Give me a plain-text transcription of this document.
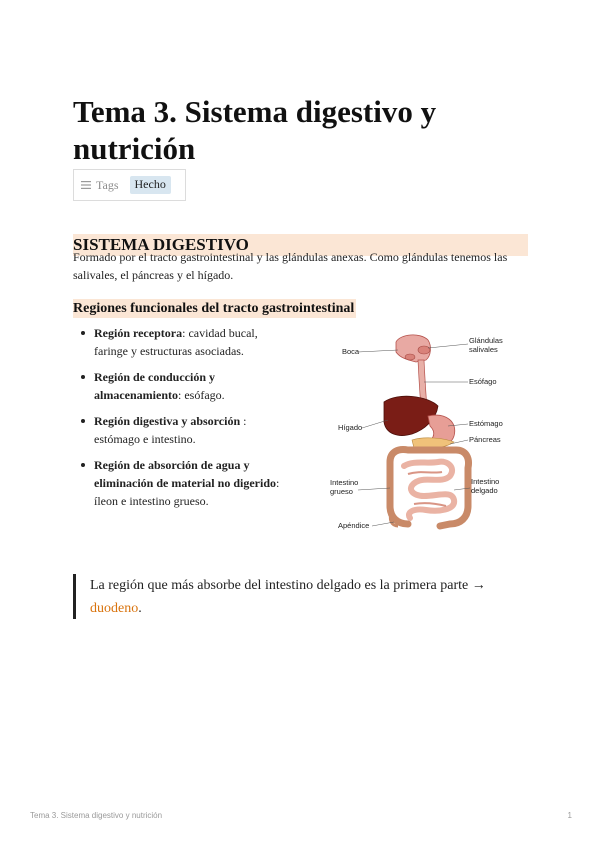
Tema 3. Sistema digestivo y nutrición
Tags	Hecho
SISTEMA DIGESTIVO

Formado por el tracto gastrointestinal y las glándulas anexas. Como glándulas tenemos las salivales, el páncreas y el hígado.

Regiones funcionales del tracto gastrointestinal
Región receptora: cavidad bucal, faringe y estructuras asociadas.
Región de conducción y almacenamiento: esófago.
Región digestiva y absorción : estómago e intestino.
Región de absorción de agua y eliminación de material no digerido: íleon e intestino grueso.
Boca
Glándulas
salivales
Esófago
Hígado	Estómago
Páncreas
Intestino
grueso
Intestino
delgado
Apéndice
La región que más absorbe del intestino delgado es la primera parte → duodeno.
Tema 3. Sistema digestivo y nutrición	1
